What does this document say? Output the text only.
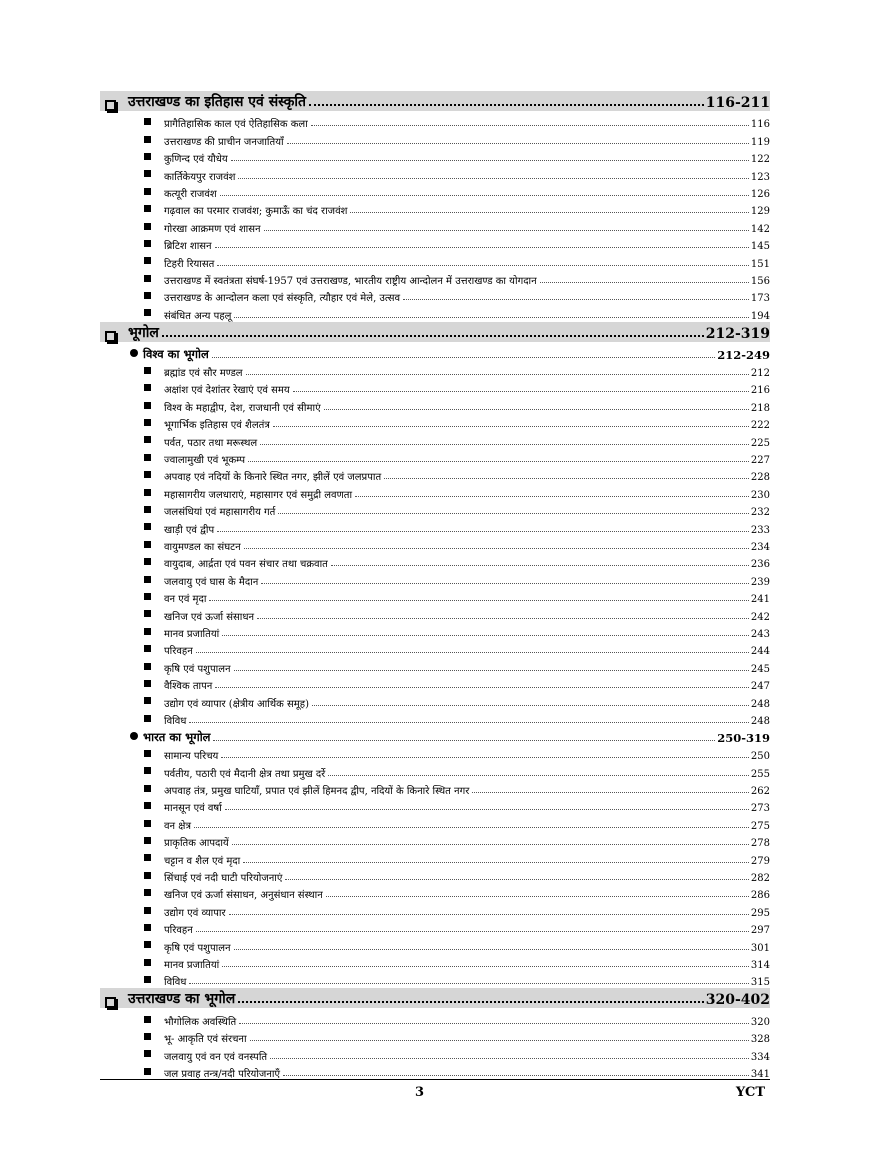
उत्तराखण्ड का इतिहास एवं संस्कृति	116-211
प्रागैतिहासिक काल एवं ऐतिहासिक कला	116
उत्तराखण्ड की प्राचीन जनजातियाँ	119
कुणिन्द एवं यौधेय	122
कार्तिकेयपुर राजवंश	123
कत्यूरी राजवंश	126
गढ़वाल का परमार राजवंश; कुमाऊँ का चंद राजवंश	129
गोरखा आक्रमण एवं शासन	142
ब्रिटिश शासन	145
टिहरी रियासत	151
उत्तराखण्ड में स्वतंत्रता संघर्ष-1957 एवं उत्तराखण्ड, भारतीय राष्ट्रीय आन्दोलन में उत्तराखण्ड का योगदान	156
उत्तराखण्ड के आन्दोलन कला एवं संस्कृति, त्यौहार एवं मेले, उत्सव	173
संबंधित अन्य पहलू	194
भूगोल	212-319
विश्व का भूगोल	212-249
ब्रह्मांड एवं सौर मण्डल	212
अक्षांश एवं देशांतर रेखाएं एवं समय	216
विश्व के महाद्वीप, देश, राजधानी एवं सीमाएं	218
भूगार्भिक इतिहास एवं शैलतंत्र	222
पर्वत, पठार तथा मरूस्थल	225
ज्वालामुखी एवं भूकम्प	227
अपवाह एवं नदियों के किनारे स्थित नगर, झीलें एवं जलप्रपात	228
महासागरीय जलधाराएं, महासागर एवं समुद्री लवणता	230
जलसंधियां एवं महासागरीय गर्त	232
खाड़ी एवं द्वीप	233
वायुमण्डल का संघटन	234
वायुदाब, आर्द्रता एवं पवन संचार तथा चक्रवात	236
जलवायु एवं घास के मैदान	239
वन एवं मृदा	241
खनिज एवं ऊर्जा संसाधन	242
मानव प्रजातियां	243
परिवहन	244
कृषि एवं पशुपालन	245
वैश्विक तापन	247
उद्योग एवं व्यापार (क्षेत्रीय आर्थिक समूह)	248
विविध	248
भारत का भूगोल	250-319
सामान्य परिचय	250
पर्वतीय, पठारी एवं मैदानी क्षेत्र तथा प्रमुख दर्रे	255
अपवाह तंत्र, प्रमुख घाटियाँ, प्रपात एवं झीलें हिमनद द्वीप, नदियों के किनारे स्थित नगर	262
मानसून एवं वर्षा	273
वन क्षेत्र	275
प्राकृतिक आपदायें	278
चट्टान व शैल एवं मृदा	279
सिंचाई एवं नदी घाटी परियोजनाएं	282
खनिज एवं ऊर्जा संसाधन, अनुसंधान संस्थान	286
उद्योग एवं व्यापार	295
परिवहन	297
कृषि एवं पशुपालन	301
मानव प्रजातियां	314
विविध	315
उत्तराखण्ड का भूगोल	320-402
भौगोलिक अवस्थिति	320
भू- आकृति एवं संरचना	328
जलवायु एवं वन एवं वनस्पति	334
जल प्रवाह तन्त्र/नदी परियोजनाएँ	341
3	YCT
